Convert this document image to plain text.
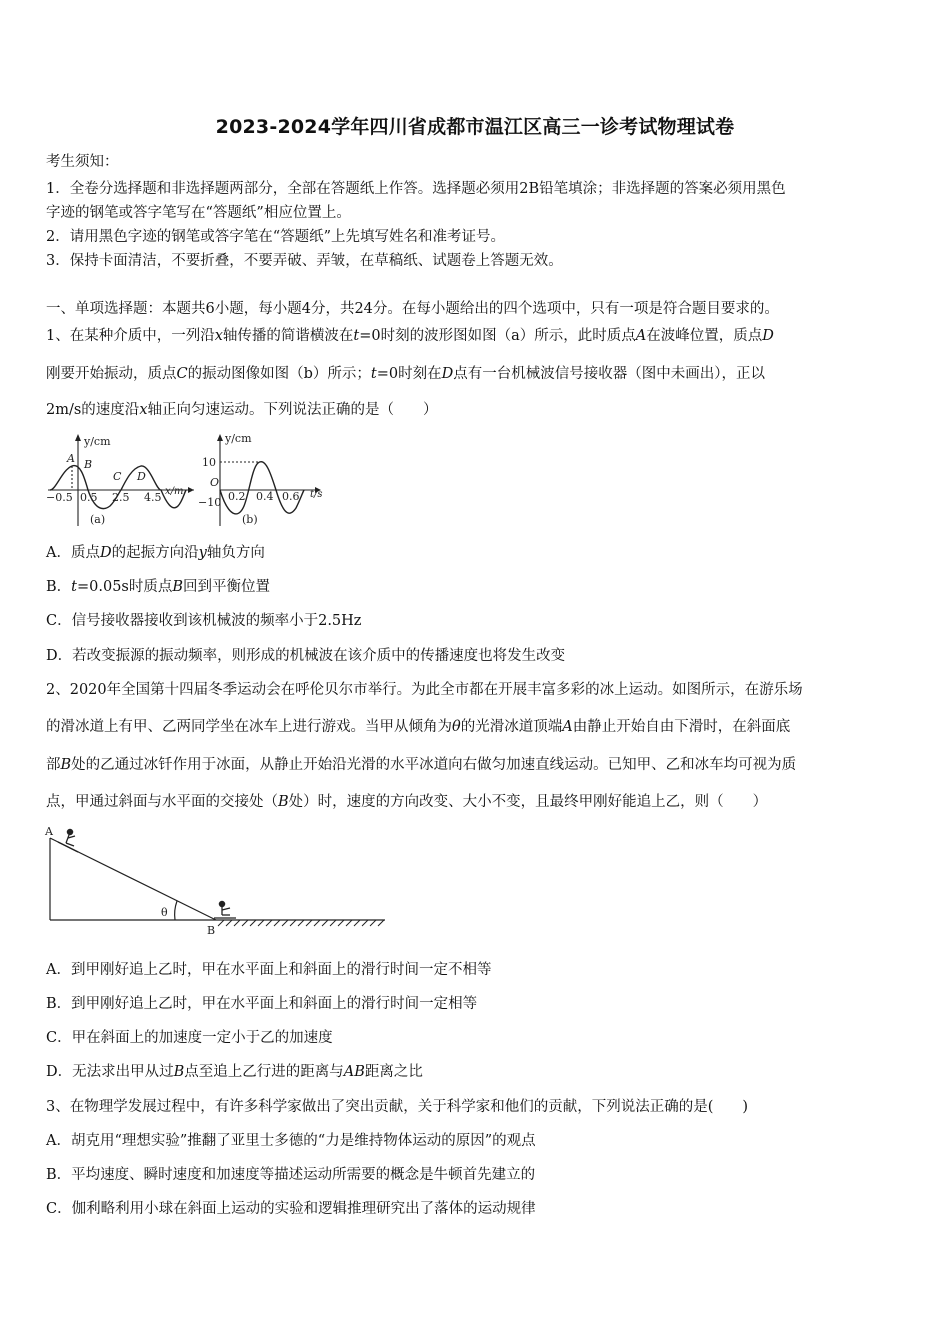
2023-2024学年四川省成都市温江区高三一诊考试物理试卷
考生须知：
1．全卷分选择题和非选择题两部分，全部在答题纸上作答。选择题必须用2B铅笔填涂；非选择题的答案必须用黑色
字迹的钢笔或答字笔写在“答题纸”相应位置上。
2．请用黑色字迹的钢笔或答字笔在“答题纸”上先填写姓名和准考证号。
3．保持卡面清洁，不要折叠，不要弄破、弄皱，在草稿纸、试题卷上答题无效。
一、单项选择题：本题共6小题，每小题4分，共24分。在每小题给出的四个选项中，只有一项是符合题目要求的。
1、在某种介质中，一列沿x轴传播的简谐横波在t=0时刻的波形图如图（a）所示，此时质点A在波峰位置，质点D
刚要开始振动，质点C的振动图像如图（b）所示；t=0时刻在D点有一台机械波信号接收器（图中未画出），正以
2m/s的速度沿x轴正向匀速运动。下列说法正确的是（　　）
y/cm
x/m
A B
C D
−0.5 0.5 2.5 4.5
(a)
y/cm
t/s
O
10
−10 0.2 0.4 0.6
(b)
A．质点D的起振方向沿y轴负方向
B．t=0.05s时质点B回到平衡位置
C．信号接收器接收到该机械波的频率小于2.5Hz
D．若改变振源的振动频率，则形成的机械波在该介质中的传播速度也将发生改变
2、2020年全国第十四届冬季运动会在呼伦贝尔市举行。为此全市都在开展丰富多彩的冰上运动。如图所示，在游乐场
的滑冰道上有甲、乙两同学坐在冰车上进行游戏。当甲从倾角为θ的光滑冰道顶端A由静止开始自由下滑时，在斜面底
部B处的乙通过冰钎作用于冰面，从静止开始沿光滑的水平冰道向右做匀加速直线运动。已知甲、乙和冰车均可视为质
点，甲通过斜面与水平面的交接处（B处）时，速度的方向改变、大小不变，且最终甲刚好能追上乙，则（　　）
A
B
θ
A．到甲刚好追上乙时，甲在水平面上和斜面上的滑行时间一定不相等
B．到甲刚好追上乙时，甲在水平面上和斜面上的滑行时间一定相等
C．甲在斜面上的加速度一定小于乙的加速度
D．无法求出甲从过B点至追上乙行进的距离与AB距离之比
3、在物理学发展过程中，有许多科学家做出了突出贡献，关于科学家和他们的贡献，下列说法正确的是(　　)
A．胡克用“理想实验”推翻了亚里士多德的“力是维持物体运动的原因”的观点
B．平均速度、瞬时速度和加速度等描述运动所需要的概念是牛顿首先建立的
C．伽利略利用小球在斜面上运动的实验和逻辑推理研究出了落体的运动规律
